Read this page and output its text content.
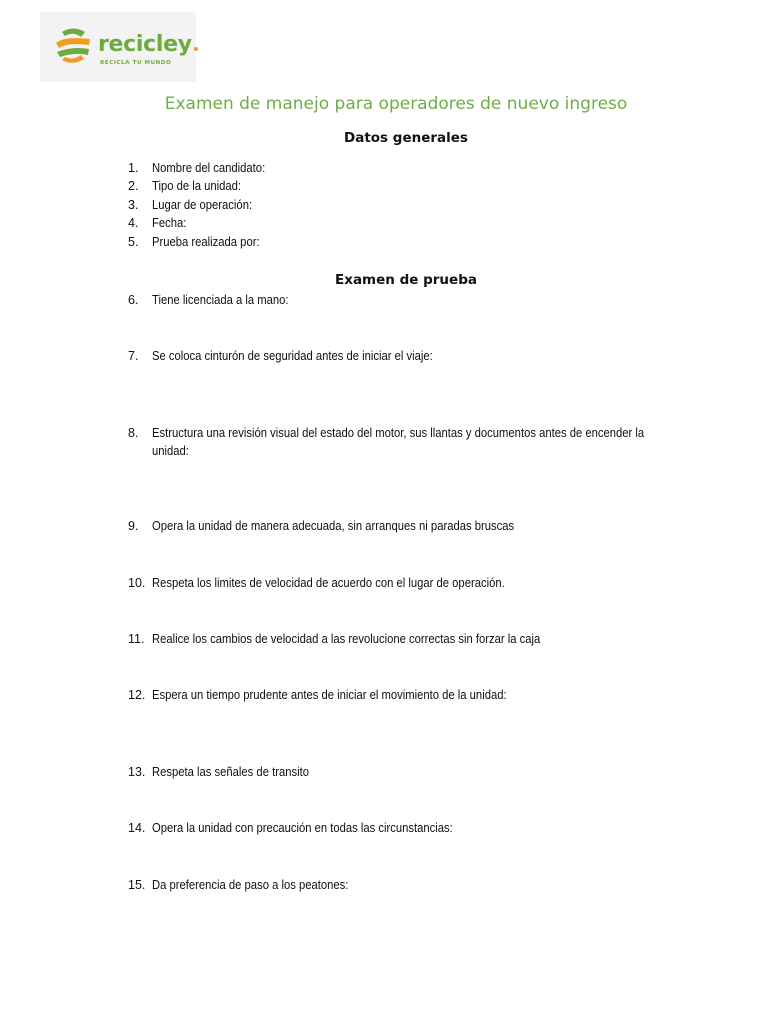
recicley
RECICLA TU MUNDO
Examen de manejo para operadores de nuevo ingreso
Datos generales
1.	Nombre del candidato:
2.	Tipo de la unidad:
3.	Lugar de operación:
4.	Fecha:
5.	Prueba realizada por:
Examen de prueba
6.	Tiene licenciada a la mano:
7.	Se coloca cinturón de seguridad antes de iniciar el viaje:
8.	Estructura una revisión visual del estado del motor, sus llantas y documentos antes de encender la unidad:
9.	Opera la unidad de manera adecuada, sin arranques ni paradas bruscas
10. Respeta los limites de velocidad de acuerdo con el lugar de operación.
11. Realice los cambios de velocidad a las revolucione correctas sin forzar la caja
12. Espera un tiempo prudente antes de iniciar el movimiento de la unidad:
13. Respeta las señales de transito
14. Opera la unidad con precaución en todas las circunstancias:
15. Da preferencia de paso a los peatones:
